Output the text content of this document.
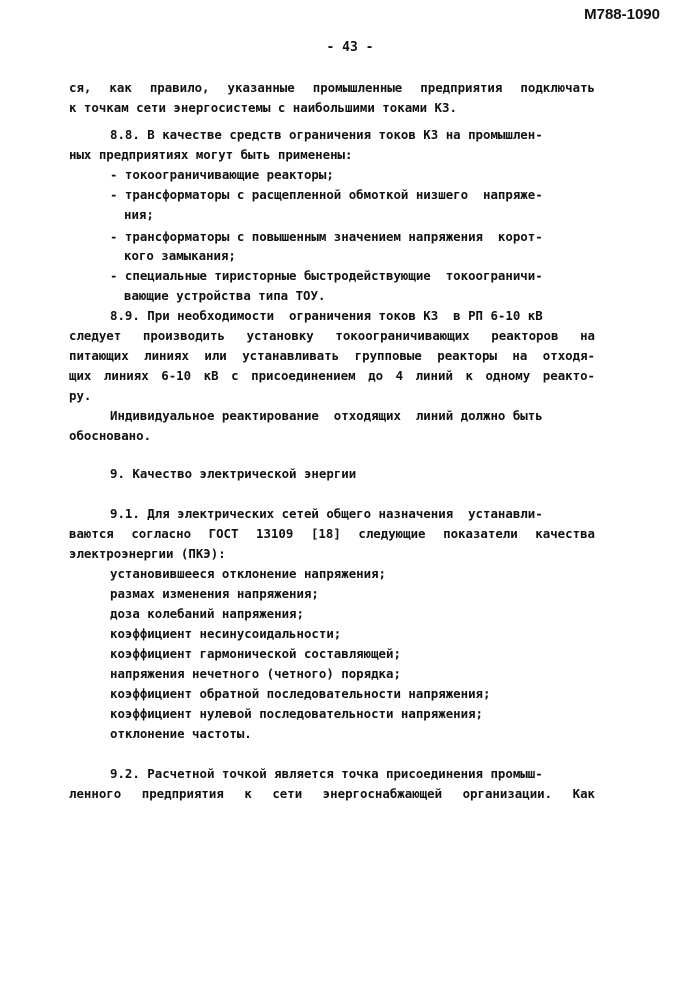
М788-1090
- 43 -
ся, как правило, указанные промышленные предприятия подключать
к точкам сети энергосистемы с наибольшими токами КЗ.
8.8. В качестве средств ограничения токов КЗ на промышлен-
ных предприятиях могут быть применены:
- токоограничивающие реакторы;
- трансформаторы с расщепленной обмоткой низшего  напряже-
ния;
- трансформаторы с повышенным значением напряжения  корот-
кого замыкания;
- специальные тиристорные быстродействующие  токоограничи-
вающие устройства типа ТОУ.
8.9. При необходимости  ограничения токов КЗ  в РП 6-10 кВ
следует производить установку токоограничивающих реакторов на
питающих линиях или устанавливать групповые реакторы на отходя-
щих линиях 6-10 кВ с присоединением до 4 линий к одному реакто-
ру.
Индивидуальное реактирование  отходящих  линий должно быть
обосновано.
9. Качество электрической энергии
9.1. Для электрических сетей общего назначения  устанавли-
ваются согласно ГОСТ 13109 [18] следующие показатели качества
электроэнергии (ПКЭ):
установившееся отклонение напряжения;
размах изменения напряжения;
доза колебаний напряжения;
коэффициент несинусоидальности;
коэффициент гармонической составляющей;
напряжения нечетного (четного) порядка;
коэффициент обратной последовательности напряжения;
коэффициент нулевой последовательности напряжения;
отклонение частоты.
9.2. Расчетной точкой является точка присоединения промыш-
ленного предприятия к сети энергоснабжающей организации. Как
